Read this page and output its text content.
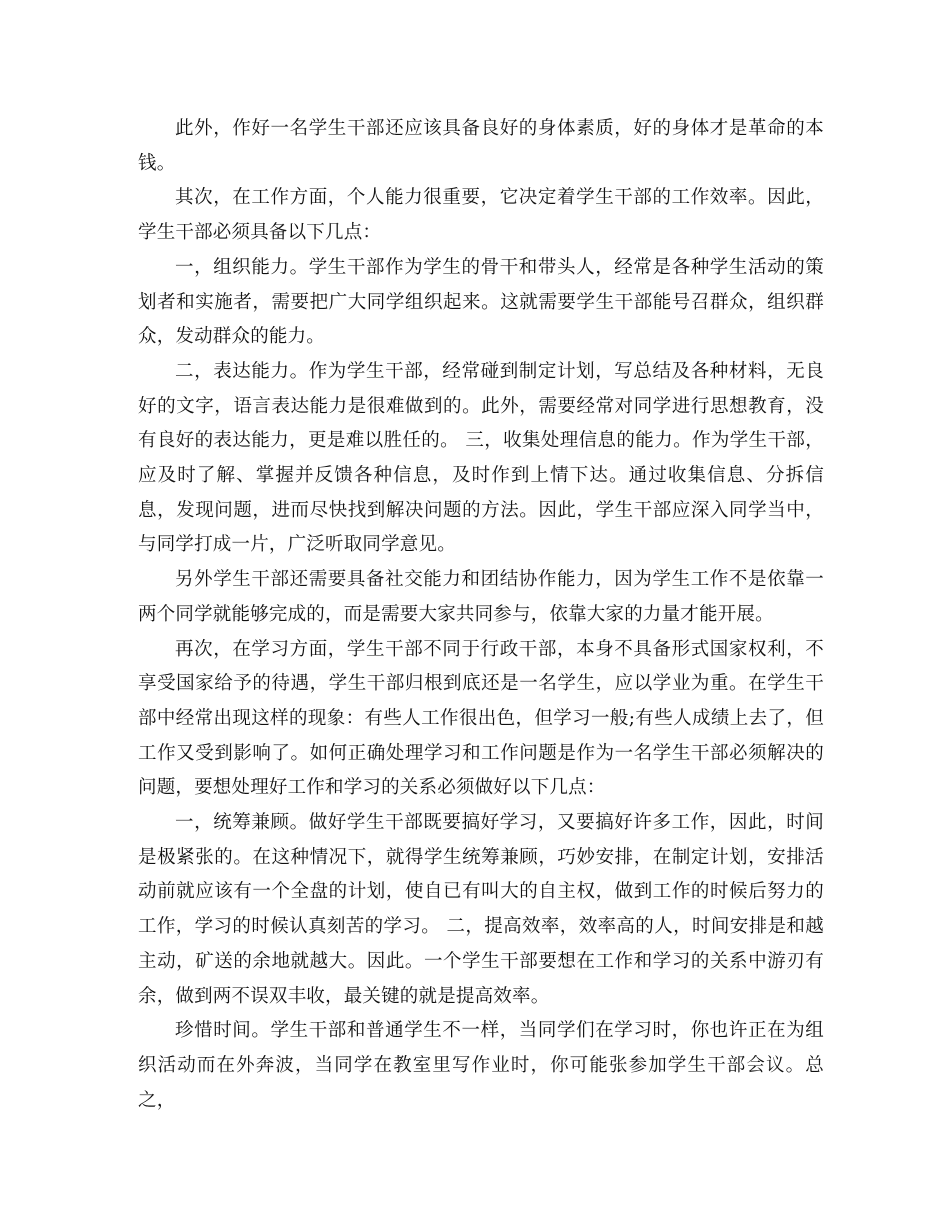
此外，作好一名学生干部还应该具备良好的身体素质，好的身体才是革命的本钱。

其次，在工作方面，个人能力很重要，它决定着学生干部的工作效率。因此，学生干部必须具备以下几点：

一，组织能力。学生干部作为学生的骨干和带头人，经常是各种学生活动的策划者和实施者，需要把广大同学组织起来。这就需要学生干部能号召群众，组织群众，发动群众的能力。

二，表达能力。作为学生干部，经常碰到制定计划，写总结及各种材料，无良好的文字，语言表达能力是很难做到的。此外，需要经常对同学进行思想教育，没有良好的表达能力，更是难以胜任的。 三，收集处理信息的能力。作为学生干部，应及时了解、掌握并反馈各种信息，及时作到上情下达。通过收集信息、分拆信息，发现问题，进而尽快找到解决问题的方法。因此，学生干部应深入同学当中，与同学打成一片，广泛听取同学意见。

另外学生干部还需要具备社交能力和团结协作能力，因为学生工作不是依靠一两个同学就能够完成的，而是需要大家共同参与，依靠大家的力量才能开展。

再次，在学习方面，学生干部不同于行政干部，本身不具备形式国家权利，不享受国家给予的待遇，学生干部归根到底还是一名学生，应以学业为重。在学生干部中经常出现这样的现象：有些人工作很出色，但学习一般;有些人成绩上去了，但工作又受到影响了。如何正确处理学习和工作问题是作为一名学生干部必须解决的问题，要想处理好工作和学习的关系必须做好以下几点：

一，统筹兼顾。做好学生干部既要搞好学习，又要搞好许多工作，因此，时间是极紧张的。在这种情况下，就得学生统筹兼顾，巧妙安排，在制定计划，安排活动前就应该有一个全盘的计划，使自已有叫大的自主权，做到工作的时候后努力的工作，学习的时候认真刻苦的学习。 二，提高效率，效率高的人，时间安排是和越主动，矿送的余地就越大。因此。一个学生干部要想在工作和学习的关系中游刃有余，做到两不误双丰收，最关键的就是提高效率。

珍惜时间。学生干部和普通学生不一样，当同学们在学习时，你也许正在为组织活动而在外奔波，当同学在教室里写作业时，你可能张参加学生干部会议。总之，
